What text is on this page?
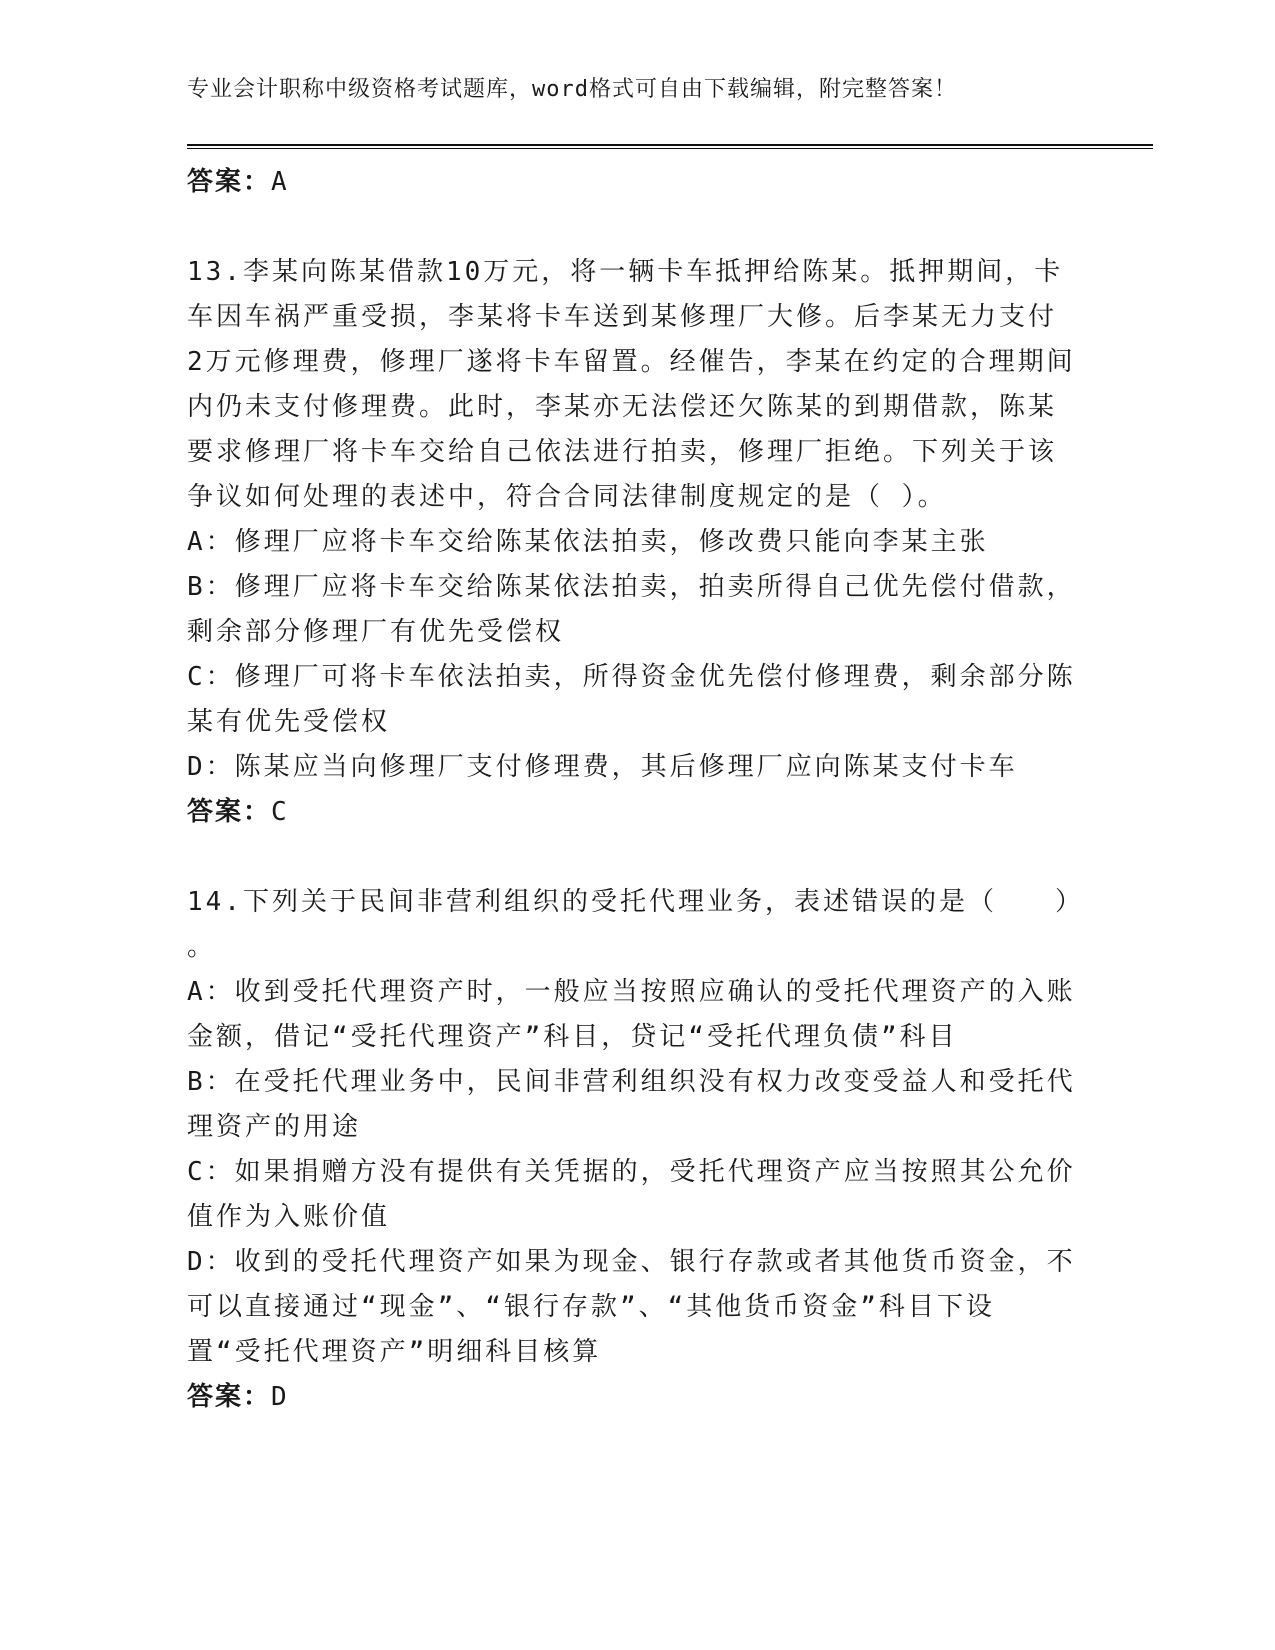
专业会计职称中级资格考试题库，word格式可自由下载编辑，附完整答案！
答案：A
13.李某向陈某借款10万元，将一辆卡车抵押给陈某。抵押期间，卡
车因车祸严重受损，李某将卡车送到某修理厂大修。后李某无力支付
2万元修理费，修理厂遂将卡车留置。经催告，李某在约定的合理期间
内仍未支付修理费。此时，李某亦无法偿还欠陈某的到期借款，陈某
要求修理厂将卡车交给自己依法进行拍卖，修理厂拒绝。下列关于该
争议如何处理的表述中，符合合同法律制度规定的是（ ）。
A：修理厂应将卡车交给陈某依法拍卖，修改费只能向李某主张
B：修理厂应将卡车交给陈某依法拍卖，拍卖所得自己优先偿付借款，
剩余部分修理厂有优先受偿权
C：修理厂可将卡车依法拍卖，所得资金优先偿付修理费，剩余部分陈
某有优先受偿权
D：陈某应当向修理厂支付修理费，其后修理厂应向陈某支付卡车
答案：C
14.下列关于民间非营利组织的受托代理业务，表述错误的是（　　）
。
A：收到受托代理资产时，一般应当按照应确认的受托代理资产的入账
金额，借记“受托代理资产”科目，贷记“受托代理负债”科目
B：在受托代理业务中，民间非营利组织没有权力改变受益人和受托代
理资产的用途
C：如果捐赠方没有提供有关凭据的，受托代理资产应当按照其公允价
值作为入账价值
D：收到的受托代理资产如果为现金、银行存款或者其他货币资金，不
可以直接通过“现金”、“银行存款”、“其他货币资金”科目下设
置“受托代理资产”明细科目核算
答案：D
